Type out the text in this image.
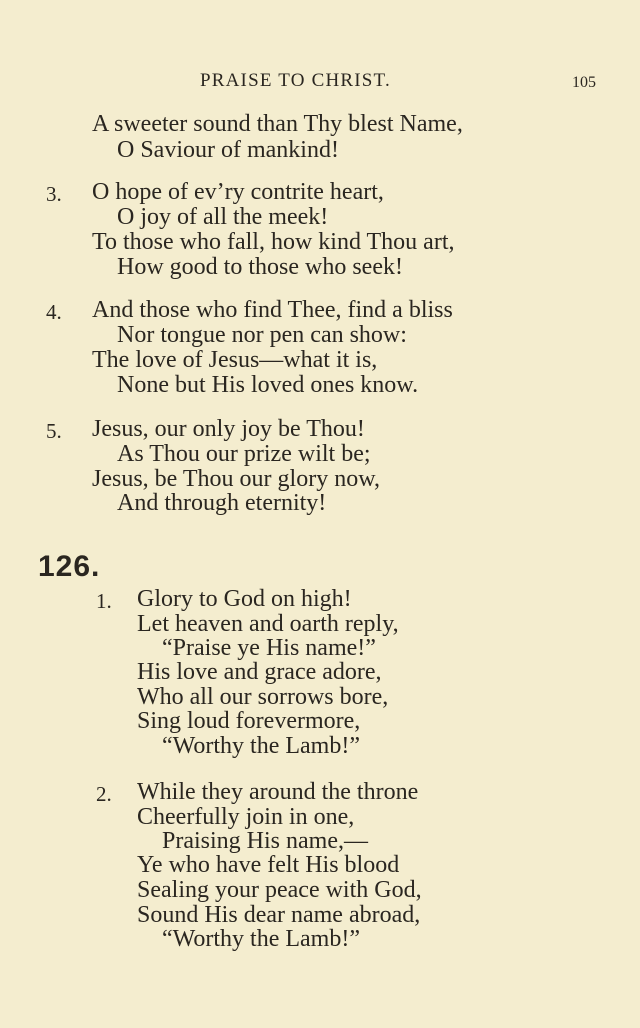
PRAISE TO CHRIST.	105
A sweeter sound than Thy blest Name,
O Saviour of mankind!
3. O hope of ev’ry contrite heart,
O joy of all the meek!
To those who fall, how kind Thou art,
How good to those who seek!
4. And those who find Thee, find a bliss
Nor tongue nor pen can show:
The love of Jesus—what it is,
None but His loved ones know.
5. Jesus, our only joy be Thou!
As Thou our prize wilt be;
Jesus, be Thou our glory now,
And through eternity!
126.
1. Glory to God on high!
Let heaven and oarth reply,
“Praise ye His name!”
His love and grace adore,
Who all our sorrows bore,
Sing loud forevermore,
“Worthy the Lamb!”
2. While they around the throne
Cheerfully join in one,
Praising His name,—
Ye who have felt His blood
Sealing your peace with God,
Sound His dear name abroad,
“Worthy the Lamb!”
